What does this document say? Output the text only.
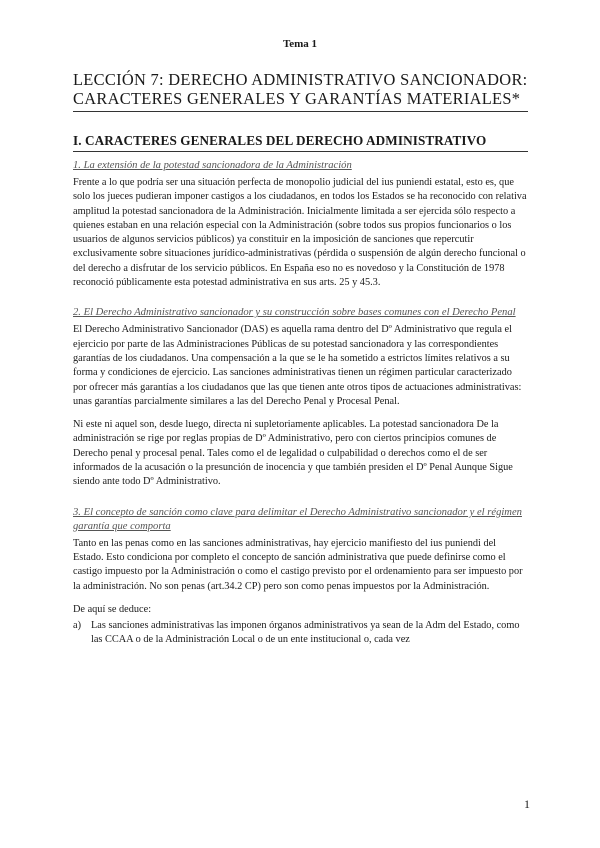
Tema 1
LECCIÓN 7: DERECHO ADMINISTRATIVO SANCIONADOR: CARACTERES GENERALES Y GARANTÍAS MATERIALES*
I. CARACTERES GENERALES DEL DERECHO ADMINISTRATIVO
1. La extensión de la potestad sancionadora de la Administración

Frente a lo que podría ser una situación perfecta de monopolio judicial del ius puniendi estatal, esto es, que solo los jueces pudieran imponer castigos a los ciudadanos, en todos los Estados se ha reconocido con relativa amplitud la potestad sancionadora de la Administración. Inicialmente limitada a ser ejercida sólo respecto a quienes estaban en una relación especial con la Administración (sobre todos sus propios funcionarios o los usuarios de algunos servicios públicos) ya constituir en la imposición de sanciones que repercutir exclusivamente sobre situaciones jurídico-administrativas (pérdida o suspensión de algún derecho funcional o del derecho a disfrutar de los servicio públicos. En España eso no es novedoso y la Constitución de 1978 reconoció públicamente esta potestad administrativa en sus arts. 25 y 45.3.

2. El Derecho Administrativo sancionador y su construcción sobre bases comunes con el Derecho Penal

El Derecho Administrativo Sancionador (DAS) es aquella rama dentro del Dº Administrativo que regula el ejercicio por parte de las Administraciones Públicas de su potestad sancionadora y las correspondientes garantías de los ciudadanos. Una compensación a la que se le ha sometido a estrictos límites relativos a su forma y condiciones de ejercicio. Las sanciones administrativas tienen un régimen particular caracterizado por ofrecer más garantías a los ciudadanos que las que tienen ante otros tipos de actuaciones administrativas: unas garantías parcialmente similares a las del Derecho Penal y Procesal Penal.

Ni este ni aquel son, desde luego, directa ni supletoriamente aplicables. La potestad sancionadora De la administración se rige por reglas propias de Dº Administrativo, pero con ciertos principios comunes de Derecho penal y procesal penal. Tales como el de legalidad o culpabilidad o derechos como el de ser informados de la acusación o la presunción de inocencia y que también presiden el Dº Penal Aunque Sigue siendo ante todo Dº Administrativo.

3. El concepto de sanción como clave para delimitar el Derecho Administrativo sancionador y el régimen garantía que comporta

Tanto en las penas como en las sanciones administrativas, hay ejercicio manifiesto del ius puniendi del Estado. Esto condiciona por completo el concepto de sanción administrativa que puede definirse como el castigo impuesto por la Administración o como el castigo previsto por el ordenamiento para ser impuesto por la administración. No son penas (art.34.2 CP) pero son como penas impuestos por la Administración.

De aquí se deduce:

a) Las sanciones administrativas las imponen órganos administrativos ya sean de la Adm del Estado, como las CCAA o de la Administración Local o de un ente institucional o, cada vez
1
